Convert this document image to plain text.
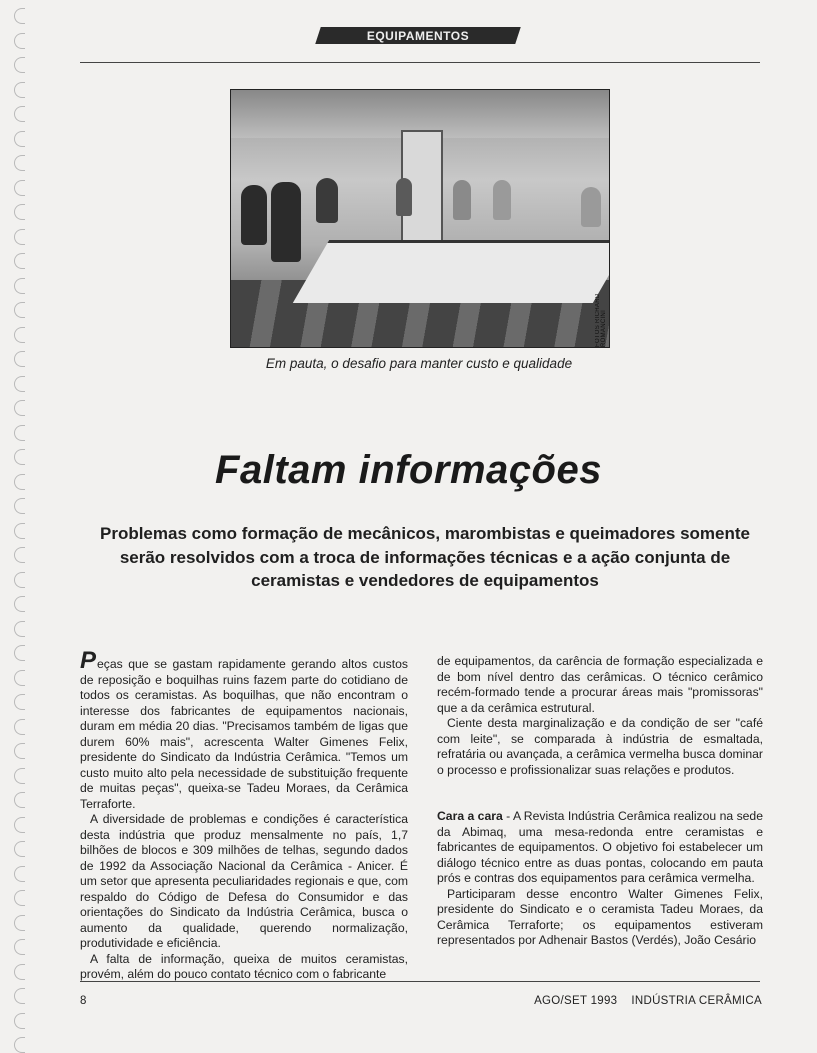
EQUIPAMENTOS
FOTOS RICHARD ROMANCINI
Em pauta, o desafio para manter custo e qualidade
Faltam informações
Problemas como formação de mecânicos, marombistas e queimadores somente serão resolvidos com a troca de informações técnicas e a ação conjunta de ceramistas e vendedores de equipamentos

Peças que se gastam rapidamente gerando altos custos de reposição e boquilhas ruins fazem parte do cotidiano de todos os ceramistas. As boquilhas, que não encontram o interesse dos fabricantes de equipamentos nacionais, duram em média 20 dias. "Precisamos também de ligas que durem 60% mais", acrescenta Walter Gimenes Felix, presidente do Sindicato da Indústria Cerâmica. "Temos um custo muito alto pela necessidade de substituição frequente de muitas peças", queixa-se Tadeu Moraes, da Cerâmica Terraforte.

A diversidade de problemas e condições é característica desta indústria que produz mensalmente no país, 1,7 bilhões de blocos e 309 milhões de telhas, segundo dados de 1992 da Associação Nacional da Cerâmica - Anicer. É um setor que apresenta peculiaridades regionais e que, com respaldo do Código de Defesa do Consumidor e das orientações do Sindicato da Indústria Cerâmica, busca o aumento da qualidade, querendo normalização, produtividade e eficiência.

A falta de informação, queixa de muitos ceramistas, provém, além do pouco contato técnico com o fabricante

de equipamentos, da carência de formação especializada e de bom nível dentro das cerâmicas. O técnico cerâmico recém-formado tende a procurar áreas mais "promissoras" que a da cerâmica estrutural.

Ciente desta marginalização e da condição de ser "café com leite", se comparada à indústria de esmaltada, refratária ou avançada, a cerâmica vermelha busca dominar o processo e profissionalizar suas relações e produtos.

Cara a cara - A Revista Indústria Cerâmica realizou na sede da Abimaq, uma mesa-redonda entre ceramistas e fabricantes de equipamentos. O objetivo foi estabelecer um diálogo técnico entre as duas pontas, colocando em pauta prós e contras dos equipamentos para cerâmica vermelha.

Participaram desse encontro Walter Gimenes Felix, presidente do Sindicato e o ceramista Tadeu Moraes, da Cerâmica Terraforte; os equipamentos estiveram representados por Adhenair Bastos (Verdés), João Cesário

8	AGO/SET 1993 INDÚSTRIA CERÂMICA
